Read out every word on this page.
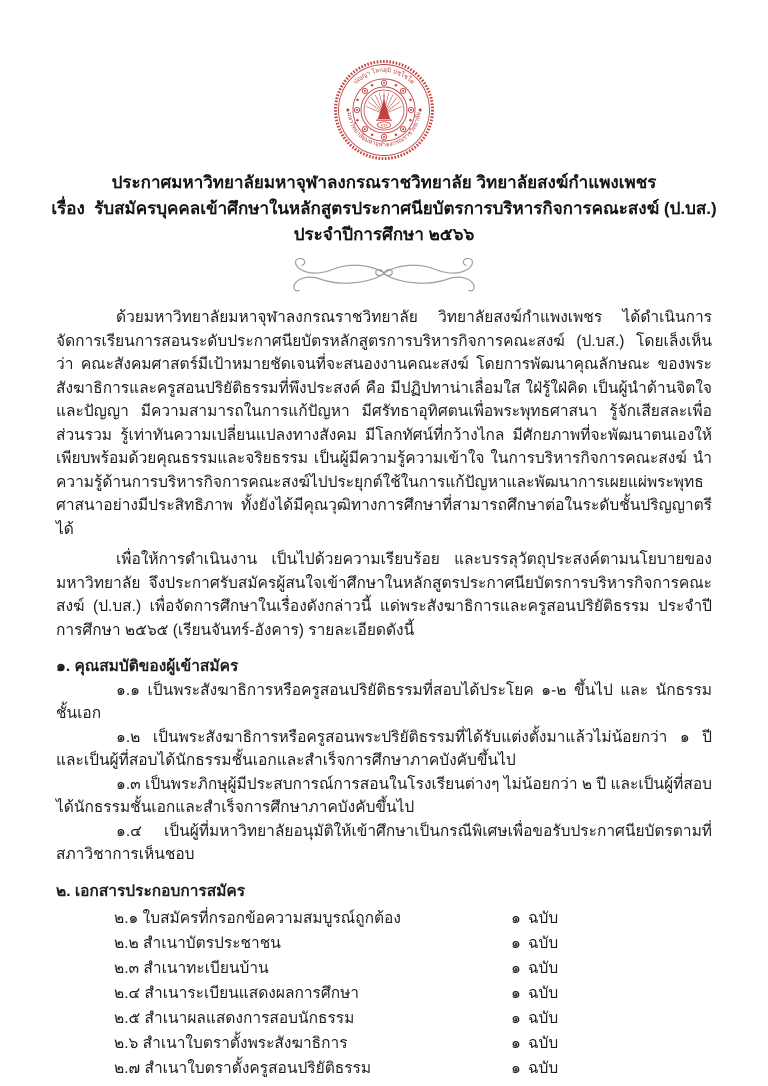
ปญฺญา โลกสฺมิ ปชฺโชโต
มหาวิทยาลัยมหาจุฬาลงกรณราชวิทยาลัย
มจร
ประกาศมหาวิทยาลัยมหาจุฬาลงกรณราชวิทยาลัย วิทยาลัยสงฆ์กำแพงเพชร
เรื่อง  รับสมัครบุคคลเข้าศึกษาในหลักสูตรประกาศนียบัตรการบริหารกิจการคณะสงฆ์ (ป.บส.)
ประจำปีการศึกษา ๒๕๖๖

ด้วยมหาวิทยาลัยมหาจุฬาลงกรณราชวิทยาลัย วิทยาลัยสงฆ์กำแพงเพชร ได้ดำเนินการจัดการเรียนการสอนระดับประกาศนียบัตรหลักสูตรการบริหารกิจการคณะสงฆ์ (ป.บส.) โดยเล็งเห็นว่า คณะสังคมศาสตร์มีเป้าหมายชัดเจนที่จะสนองงานคณะสงฆ์ โดยการพัฒนาคุณลักษณะ ของพระสังฆาธิการและครูสอนปริยัติธรรมที่พึงประสงค์ คือ มีปฏิปทาน่าเลื่อมใส ใฝ่รู้ใฝ่คิด เป็นผู้นำด้านจิตใจและปัญญา มีความสามารถในการแก้ปัญหา มีศรัทธาอุทิศตนเพื่อพระพุทธศาสนา รู้จักเสียสละเพื่อส่วนรวม รู้เท่าทันความเปลี่ยนแปลงทางสังคม มีโลกทัศน์ที่กว้างไกล มีศักยภาพที่จะพัฒนาตนเองให้เพียบพร้อมด้วยคุณธรรมและจริยธรรม เป็นผู้มีความรู้ความเข้าใจ ในการบริหารกิจการคณะสงฆ์ นำความรู้ด้านการบริหารกิจการคณะสงฆ์ไปประยุกต์ใช้ในการแก้ปัญหาและพัฒนาการเผยแผ่พระพุทธศาสนาอย่างมีประสิทธิภาพ ทั้งยังได้มีคุณวุฒิทางการศึกษาที่สามารถศึกษาต่อในระดับชั้นปริญญาตรีได้

เพื่อให้การดำเนินงาน เป็นไปด้วยความเรียบร้อย และบรรลุวัตถุประสงค์ตามนโยบายของมหาวิทยาลัย จึงประกาศรับสมัครผู้สนใจเข้าศึกษาในหลักสูตรประกาศนียบัตรการบริหารกิจการคณะสงฆ์ (ป.บส.) เพื่อจัดการศึกษาในเรื่องดังกล่าวนี้ แด่พระสังฆาธิการและครูสอนปริยัติธรรม ประจำปีการศึกษา ๒๕๖๕ (เรียนจันทร์-อังคาร) รายละเอียดดังนี้

๑. คุณสมบัติของผู้เข้าสมัคร
๑.๑ เป็นพระสังฆาธิการหรือครูสอนปริยัติธรรมที่สอบได้ประโยค ๑-๒ ขึ้นไป และ นักธรรมชั้นเอก
๑.๒ เป็นพระสังฆาธิการหรือครูสอนพระปริยัติธรรมที่ได้รับแต่งตั้งมาแล้วไม่น้อยกว่า ๑ ปี และเป็นผู้ที่สอบได้นักธรรมชั้นเอกและสำเร็จการศึกษาภาคบังคับขึ้นไป
๑.๓ เป็นพระภิกษุผู้มีประสบการณ์การสอนในโรงเรียนต่างๆ ไม่น้อยกว่า ๒ ปี และเป็นผู้ที่สอบได้นักธรรมชั้นเอกและสำเร็จการศึกษาภาคบังคับขึ้นไป
๑.๔ เป็นผู้ที่มหาวิทยาลัยอนุมัติให้เข้าศึกษาเป็นกรณีพิเศษเพื่อขอรับประกาศนียบัตรตามที่สภาวิชาการเห็นชอบ
๒. เอกสารประกอบการสมัคร
๒.๑ ใบสมัครที่กรอกข้อความสมบูรณ์ถูกต้อง	๑ ฉบับ
๒.๒ สำเนาบัตรประชาชน	๑ ฉบับ
๒.๓ สำเนาทะเบียนบ้าน	๑ ฉบับ
๒.๔ สำเนาระเบียนแสดงผลการศึกษา	๑ ฉบับ
๒.๕ สำเนาผลแสดงการสอบนักธรรม	๑ ฉบับ
๒.๖ สำเนาใบตราตั้งพระสังฆาธิการ	๑ ฉบับ
๒.๗ สำเนาใบตราตั้งครูสอนปริยัติธรรม	๑ ฉบับ
